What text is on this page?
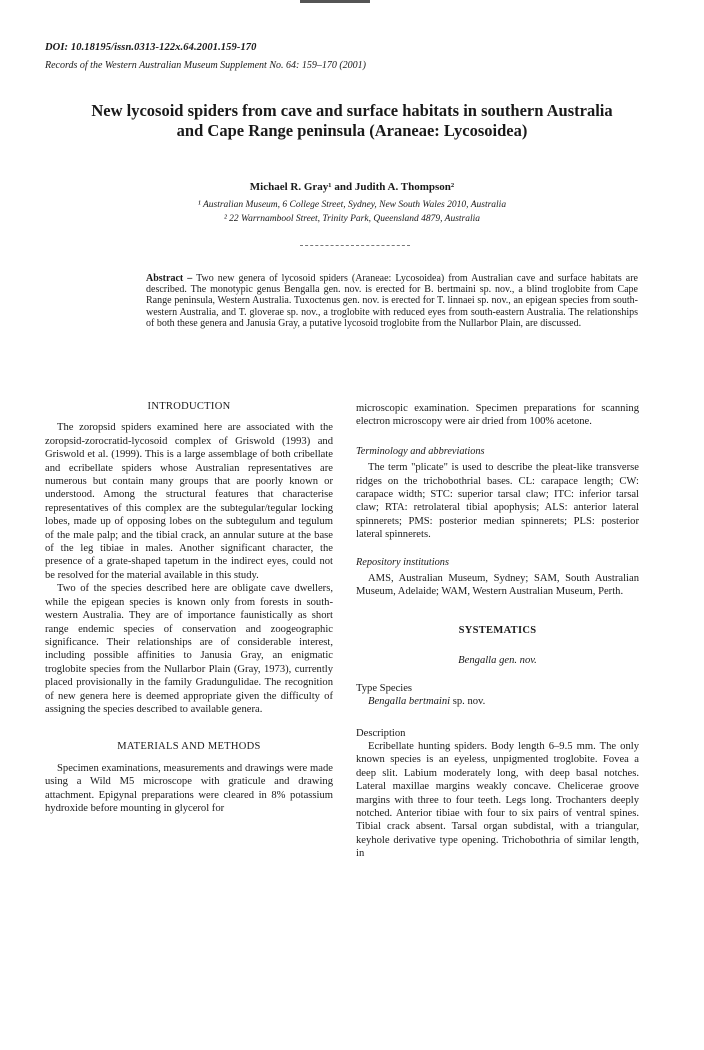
DOI: 10.18195/issn.0313-122x.64.2001.159-170
Records of the Western Australian Museum Supplement No. 64: 159–170 (2001)
New lycosoid spiders from cave and surface habitats in southern Australia
and Cape Range peninsula (Araneae: Lycosoidea)
Michael R. Gray¹ and Judith A. Thompson²
¹ Australian Museum, 6 College Street, Sydney, New South Wales 2010, Australia
² 22 Warrnambool Street, Trinity Park, Queensland 4879, Australia
Abstract – Two new genera of lycosoid spiders (Araneae: Lycosoidea) from Australian cave and surface habitats are described. The monotypic genus Bengalla gen. nov. is erected for B. bertmaini sp. nov., a blind troglobite from Cape Range peninsula, Western Australia. Tuxoctenus gen. nov. is erected for T. linnaei sp. nov., an epigean species from south-western Australia, and T. gloverae sp. nov., a troglobite with reduced eyes from south-eastern Australia. The relationships of both these genera and Janusia Gray, a putative lycosoid troglobite from the Nullarbor Plain, are discussed.
INTRODUCTION

The zoropsid spiders examined here are associated with the zoropsid-zorocratid-lycosoid complex of Griswold (1993) and Griswold et al. (1999). This is a large assemblage of both cribellate and ecribellate spiders whose Australian representatives are numerous but contain many groups that are poorly known or understood. Among the structural features that characterise representatives of this complex are the subtegular/tegular locking lobes, made up of opposing lobes on the subtegulum and tegulum of the male palp; and the tibial crack, an annular suture at the base of the leg tibiae in males. Another significant character, the presence of a grate-shaped tapetum in the indirect eyes, could not be resolved for the material available in this study.

Two of the species described here are obligate cave dwellers, while the epigean species is known only from forests in south-western Australia. They are of importance faunistically as short range endemic species of conservation and zoogeographic significance. Their relationships are of considerable interest, including possible affinities to Janusia Gray, an enigmatic troglobite species from the Nullarbor Plain (Gray, 1973), currently placed provisionally in the family Gradungulidae. The recognition of new genera here is deemed appropriate given the difficulty of assigning the species described to available genera.

MATERIALS AND METHODS

Specimen examinations, measurements and drawings were made using a Wild M5 microscope with graticule and drawing attachment. Epigynal preparations were cleared in 8% potassium hydroxide before mounting in glycerol for

microscopic examination. Specimen preparations for scanning electron microscopy were air dried from 100% acetone.

Terminology and abbreviations

The term "plicate" is used to describe the pleat-like transverse ridges on the trichobothrial bases. CL: carapace length; CW: carapace width; STC: superior tarsal claw; ITC: inferior tarsal claw; RTA: retrolateral tibial apophysis; ALS: anterior lateral spinnerets; PMS: posterior median spinnerets; PLS: posterior lateral spinnerets.

Repository institutions

AMS, Australian Museum, Sydney; SAM, South Australian Museum, Adelaide; WAM, Western Australian Museum, Perth.

SYSTEMATICS
Bengalla gen. nov.
Type Species
Bengalla bertmaini sp. nov.
Description

Ecribellate hunting spiders. Body length 6–9.5 mm. The only known species is an eyeless, unpigmented troglobite. Fovea a deep slit. Labium moderately long, with deep basal notches. Lateral maxillae margins weakly concave. Chelicerae groove margins with three to four teeth. Legs long. Trochanters deeply notched. Anterior tibiae with four to six pairs of ventral spines. Tibial crack absent. Tarsal organ subdistal, with a triangular, keyhole derivative type opening. Trichobothria of similar length, in
